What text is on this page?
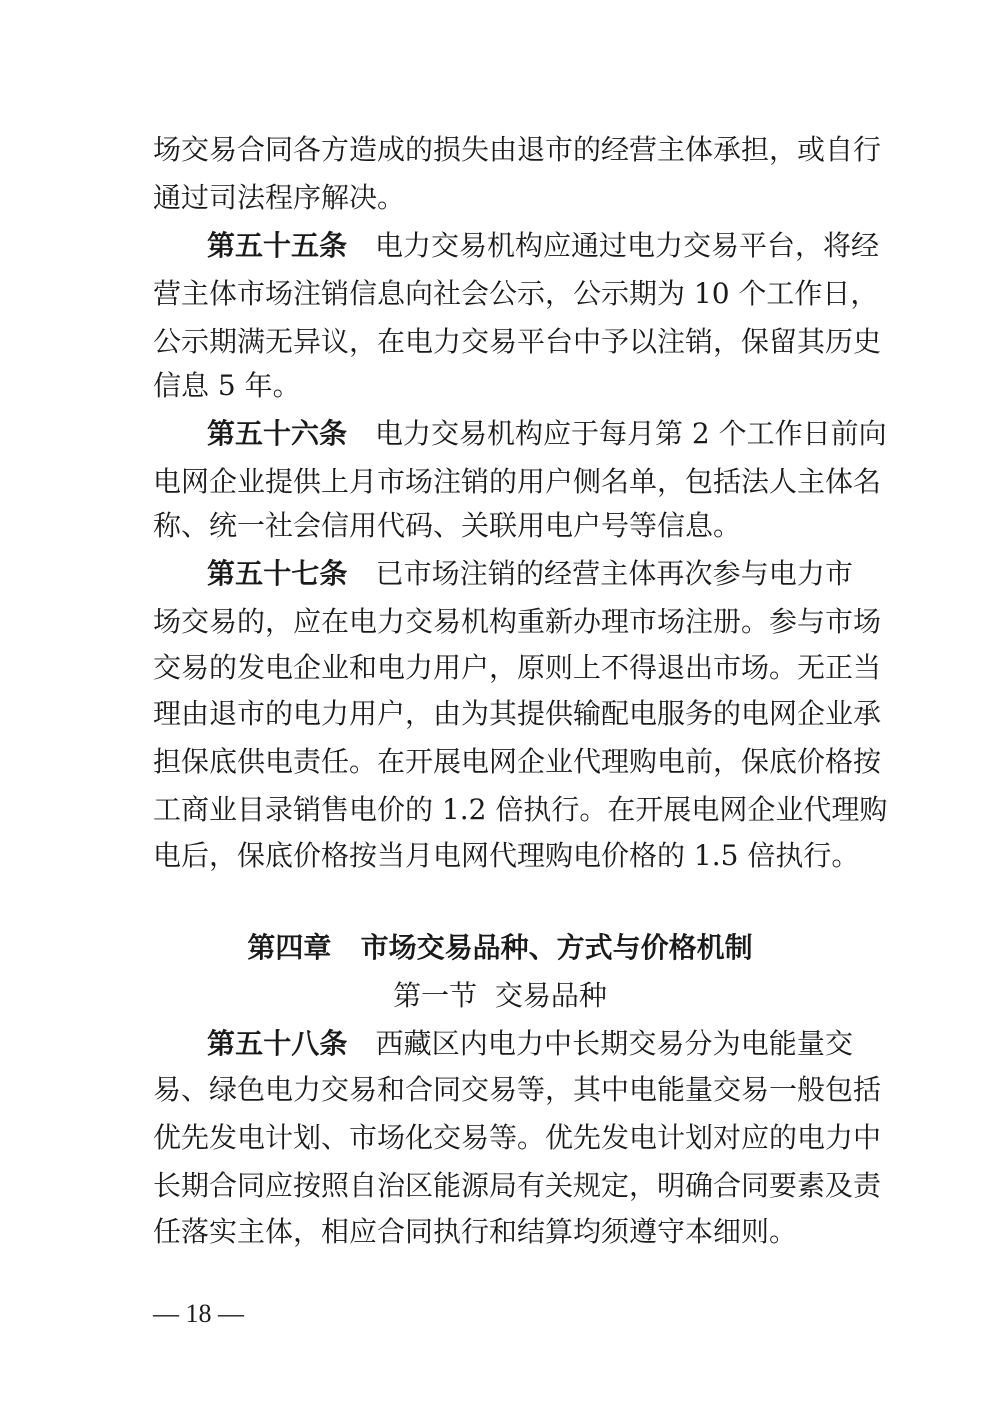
场交易合同各方造成的损失由退市的经营主体承担，或自行
通过司法程序解决。
第五十五条 电力交易机构应通过电力交易平台，将经
营主体市场注销信息向社会公示，公示期为 10 个工作日，
公示期满无异议，在电力交易平台中予以注销，保留其历史
信息 5 年。
第五十六条 电力交易机构应于每月第 2 个工作日前向
电网企业提供上月市场注销的用户侧名单，包括法人主体名
称、统一社会信用代码、关联用电户号等信息。
第五十七条 已市场注销的经营主体再次参与电力市
场交易的，应在电力交易机构重新办理市场注册。参与市场
交易的发电企业和电力用户，原则上不得退出市场。无正当
理由退市的电力用户，由为其提供输配电服务的电网企业承
担保底供电责任。在开展电网企业代理购电前，保底价格按
工商业目录销售电价的 1.2 倍执行。在开展电网企业代理购
电后，保底价格按当月电网代理购电价格的 1.5 倍执行。
第四章   市场交易品种、方式与价格机制
第一节  交易品种
第五十八条 西藏区内电力中长期交易分为电能量交
易、绿色电力交易和合同交易等，其中电能量交易一般包括
优先发电计划、市场化交易等。优先发电计划对应的电力中
长期合同应按照自治区能源局有关规定，明确合同要素及责
任落实主体，相应合同执行和结算均须遵守本细则。
— 18 —
